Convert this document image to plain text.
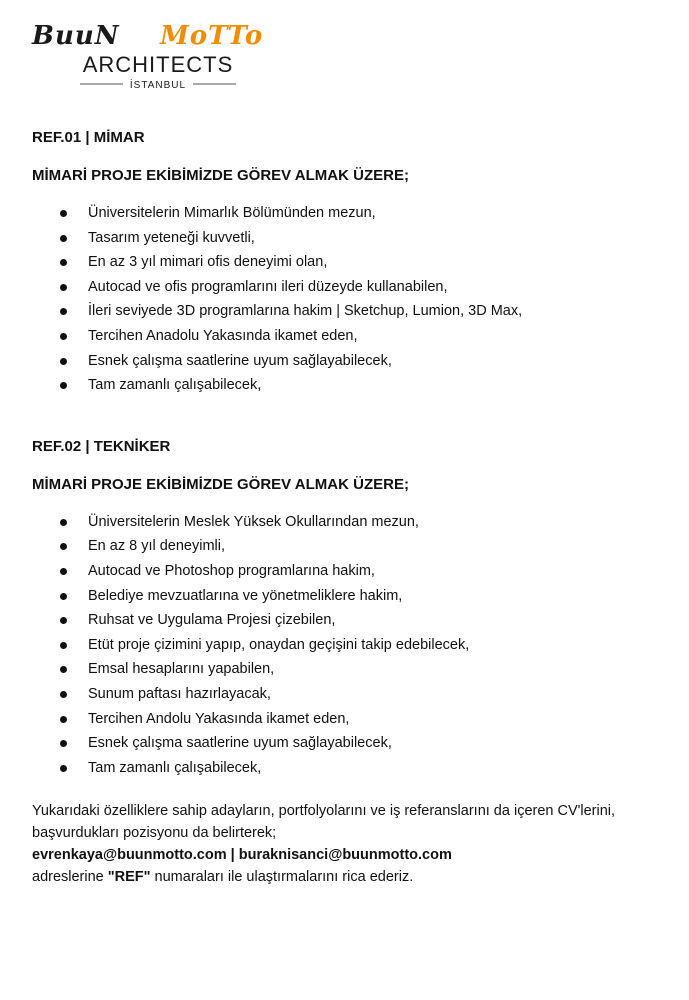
BuuN MoTTo
ARCHITECTS
İSTANBUL
REF.01 | MİMAR
MİMARİ PROJE EKİBİMİZDE GÖREV ALMAK ÜZERE;
Üniversitelerin Mimarlık Bölümünden mezun,
Tasarım yeteneği kuvvetli,
En az 3 yıl mimari ofis deneyimi olan,
Autocad ve ofis programlarını ileri düzeyde kullanabilen,
İleri seviyede 3D programlarına hakim | Sketchup, Lumion, 3D Max,
Tercihen Anadolu Yakasında ikamet eden,
Esnek çalışma saatlerine uyum sağlayabilecek,
Tam zamanlı çalışabilecek,
REF.02 | TEKNİKER
MİMARİ PROJE EKİBİMİZDE GÖREV ALMAK ÜZERE;
Üniversitelerin Meslek Yüksek Okullarından mezun,
En az 8 yıl deneyimli,
Autocad ve Photoshop programlarına hakim,
Belediye mevzuatlarına ve yönetmeliklere hakim,
Ruhsat ve Uygulama Projesi çizebilen,
Etüt proje çizimini yapıp, onaydan geçişini takip edebilecek,
Emsal hesaplarını yapabilen,
Sunum paftası hazırlayacak,
Tercihen Andolu Yakasında ikamet eden,
Esnek çalışma saatlerine uyum sağlayabilecek,
Tam zamanlı çalışabilecek,

Yukarıdaki özelliklere sahip adayların, portfolyolarını ve iş referanslarını da içeren CV'lerini, başvurdukları pozisyonu da belirterek;

evrenkaya@buunmotto.com | buraknisanci@buunmotto.com

adreslerine "REF" numaraları ile ulaştırmalarını rica ederiz.
